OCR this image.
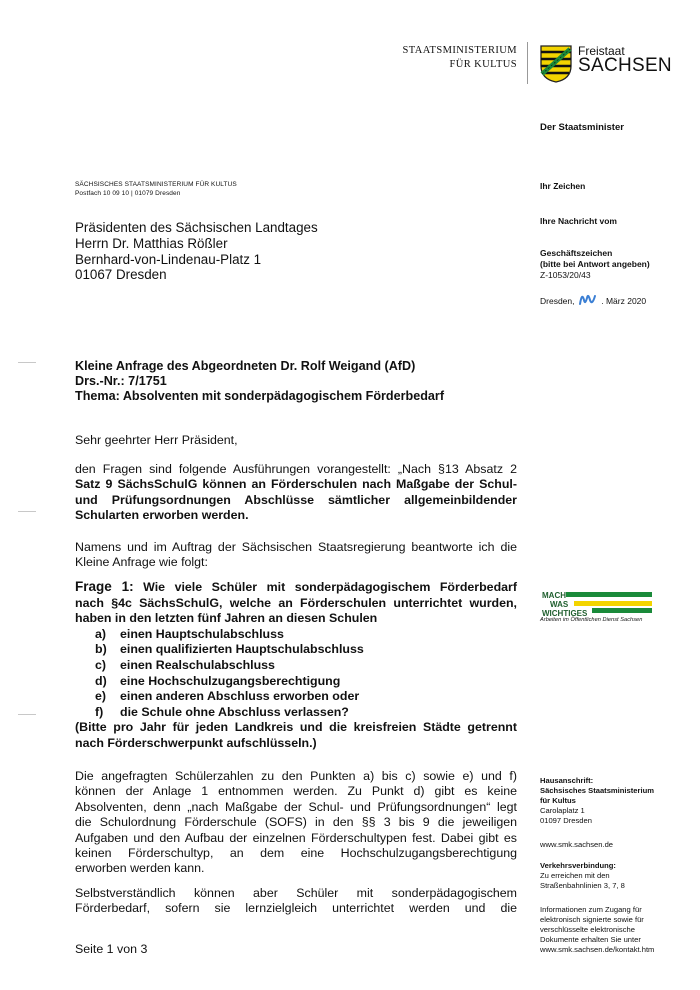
STAATSMINISTERIUM
FÜR KULTUS
Freistaat
SACHSEN
Der Staatsminister
SÄCHSISCHES STAATSMINISTERIUM FÜR KULTUS
Postfach 10 09 10 | 01079 Dresden
Präsidenten des Sächsischen Landtages
Herrn Dr. Matthias Rößler
Bernhard-von-Lindenau-Platz 1
01067 Dresden
Ihr Zeichen
Ihre Nachricht vom
Geschäftszeichen
(bitte bei Antwort angeben)
Z-1053/20/43
Dresden,	. März 2020
Kleine Anfrage des Abgeordneten Dr. Rolf Weigand (AfD)
Drs.-Nr.: 7/1751
Thema: Absolventen mit sonderpädagogischem Förderbedarf
Sehr geehrter Herr Präsident,
den Fragen sind folgende Ausführungen vorangestellt: „Nach §13 Absatz 2
Satz 9 SächsSchulG können an Förderschulen nach Maßgabe der Schul-
und Prüfungsordnungen Abschlüsse sämtlicher allgemeinbildender
Schularten erworben werden.
Namens und im Auftrag der Sächsischen Staatsregierung beantworte ich die
Kleine Anfrage wie folgt:
Frage 1: Wie viele Schüler mit sonderpädagogischem Förderbedarf
nach §4c SächsSchulG, welche an Förderschulen unterrichtet wurden,
haben in den letzten fünf Jahren an diesen Schulen
a) einen Hauptschulabschluss
b) einen qualifizierten Hauptschulabschluss
c) einen Realschulabschluss
d) eine Hochschulzugangsberechtigung
e) einen anderen Abschluss erworben oder
f) die Schule ohne Abschluss verlassen?
(Bitte pro Jahr für jeden Landkreis und die kreisfreien Städte getrennt
nach Förderschwerpunkt aufschlüsseln.)
Die angefragten Schülerzahlen zu den Punkten a) bis c) sowie e) und f)
können der Anlage 1 entnommen werden. Zu Punkt d) gibt es keine
Absolventen, denn „nach Maßgabe der Schul- und Prüfungsordnungen“ legt
die Schulordnung Förderschule (SOFS) in den §§ 3 bis 9 die jeweiligen
Aufgaben und den Aufbau der einzelnen Förderschultypen fest. Dabei gibt es
keinen Förderschultyp, an dem eine Hochschulzugangsberechtigung
erworben werden kann.
Selbstverständlich können aber Schüler mit sonderpädagogischem
Förderbedarf, sofern sie lernzielgleich unterrichtet werden und die
Seite 1 von 3
MACH
WAS
WICHTIGES
Arbeiten im Öffentlichen Dienst Sachsen
Hausanschrift:
Sächsisches Staatsministerium
für Kultus
Carolaplatz 1
01097 Dresden
www.smk.sachsen.de
Verkehrsverbindung:
Zu erreichen mit den
Straßenbahnlinien 3, 7, 8
Informationen zum Zugang für
elektronisch signierte sowie für
verschlüsselte elektronische
Dokumente erhalten Sie unter
www.smk.sachsen.de/kontakt.htm
